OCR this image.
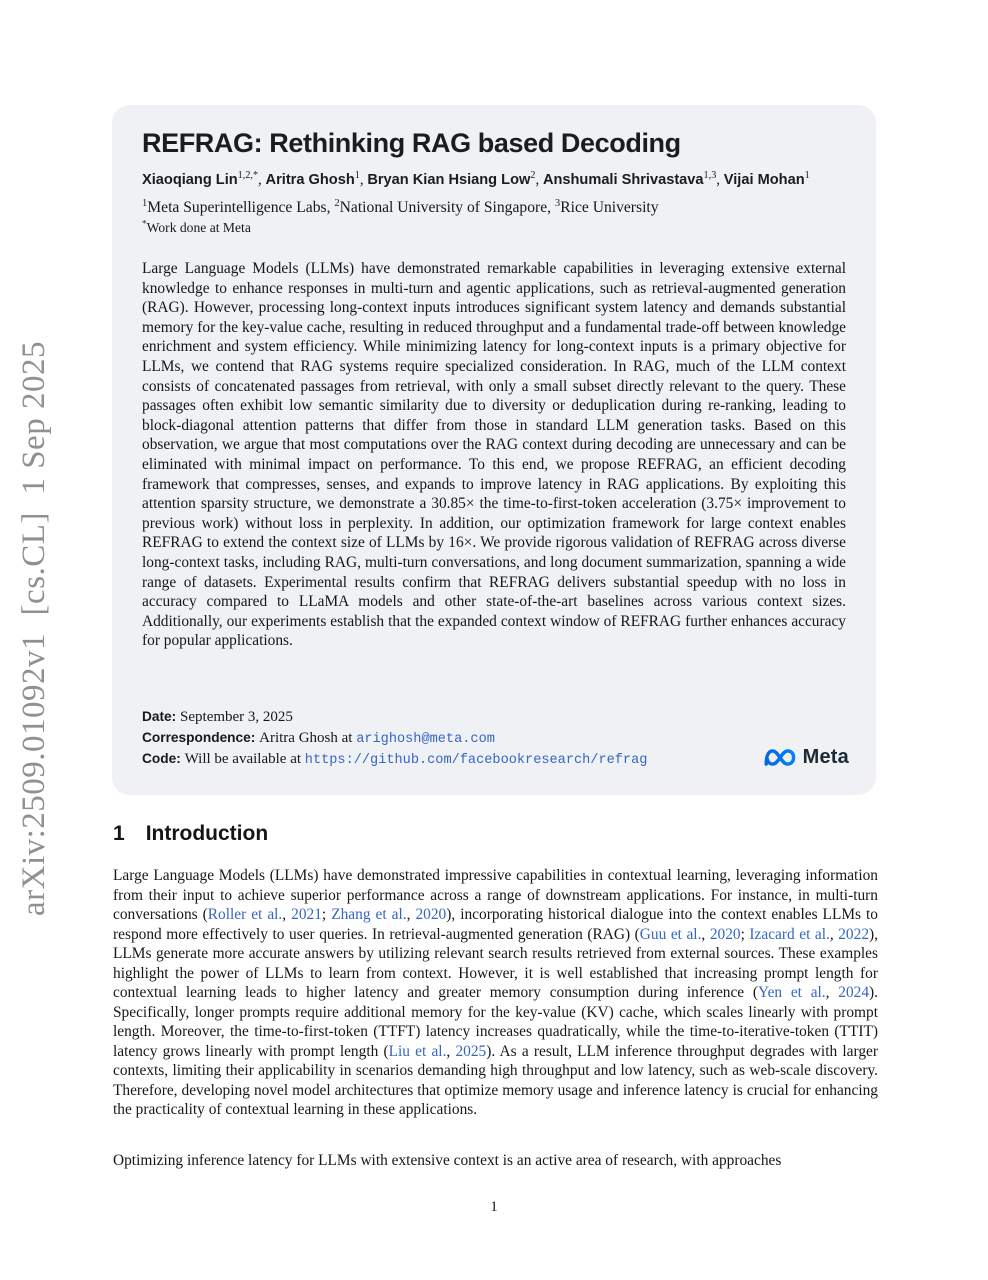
arXiv:2509.01092v1  [cs.CL]  1 Sep 2025
REFRAG: Rethinking RAG based Decoding
Xiaoqiang Lin$^{1,2,*}$, Aritra Ghosh$^1$, Bryan Kian Hsiang Low$^2$, Anshumali Shrivastava$^{1,3}$, Vijai Mohan$^1$
$^1$Meta Superintelligence Labs, $^2$National University of Singapore, $^3$Rice University
*Work done at Meta

Large Language Models (LLMs) have demonstrated remarkable capabilities in leveraging extensive external knowledge to enhance responses in multi-turn and agentic applications, such as retrieval-augmented generation (RAG). However, processing long-context inputs introduces significant system latency and demands substantial memory for the key-value cache, resulting in reduced throughput and a fundamental trade-off between knowledge enrichment and system efficiency. While minimizing latency for long-context inputs is a primary objective for LLMs, we contend that RAG systems require specialized consideration. In RAG, much of the LLM context consists of concatenated passages from retrieval, with only a small subset directly relevant to the query. These passages often exhibit low semantic similarity due to diversity or deduplication during re-ranking, leading to block-diagonal attention patterns that differ from those in standard LLM generation tasks. Based on this observation, we argue that most computations over the RAG context during decoding are unnecessary and can be eliminated with minimal impact on performance. To this end, we propose REFRAG, an efficient decoding framework that compresses, senses, and expands to improve latency in RAG applications. By exploiting this attention sparsity structure, we demonstrate a 30.85× the time-to-first-token acceleration (3.75× improvement to previous work) without loss in perplexity. In addition, our optimization framework for large context enables REFRAG to extend the context size of LLMs by 16×. We provide rigorous validation of REFRAG across diverse long-context tasks, including RAG, multi-turn conversations, and long document summarization, spanning a wide range of datasets. Experimental results confirm that REFRAG delivers substantial speedup with no loss in accuracy compared to LLaMA models and other state-of-the-art baselines across various context sizes. Additionally, our experiments establish that the expanded context window of REFRAG further enhances accuracy for popular applications.

Date: September 3, 2025
Correspondence: Aritra Ghosh at arighosh@meta.com
Code: Will be available at https://github.com/facebookresearch/refrag	Meta
1 Introduction

Large Language Models (LLMs) have demonstrated impressive capabilities in contextual learning, leveraging information from their input to achieve superior performance across a range of downstream applications. For instance, in multi-turn conversations (Roller et al., 2021; Zhang et al., 2020), incorporating historical dialogue into the context enables LLMs to respond more effectively to user queries. In retrieval-augmented generation (RAG) (Guu et al., 2020; Izacard et al., 2022), LLMs generate more accurate answers by utilizing relevant search results retrieved from external sources. These examples highlight the power of LLMs to learn from context. However, it is well established that increasing prompt length for contextual learning leads to higher latency and greater memory consumption during inference (Yen et al., 2024). Specifically, longer prompts require additional memory for the key-value (KV) cache, which scales linearly with prompt length. Moreover, the time-to-first-token (TTFT) latency increases quadratically, while the time-to-iterative-token (TTIT) latency grows linearly with prompt length (Liu et al., 2025). As a result, LLM inference throughput degrades with larger contexts, limiting their applicability in scenarios demanding high throughput and low latency, such as web-scale discovery. Therefore, developing novel model architectures that optimize memory usage and inference latency is crucial for enhancing the practicality of contextual learning in these applications.

Optimizing inference latency for LLMs with extensive context is an active area of research, with approaches

1
